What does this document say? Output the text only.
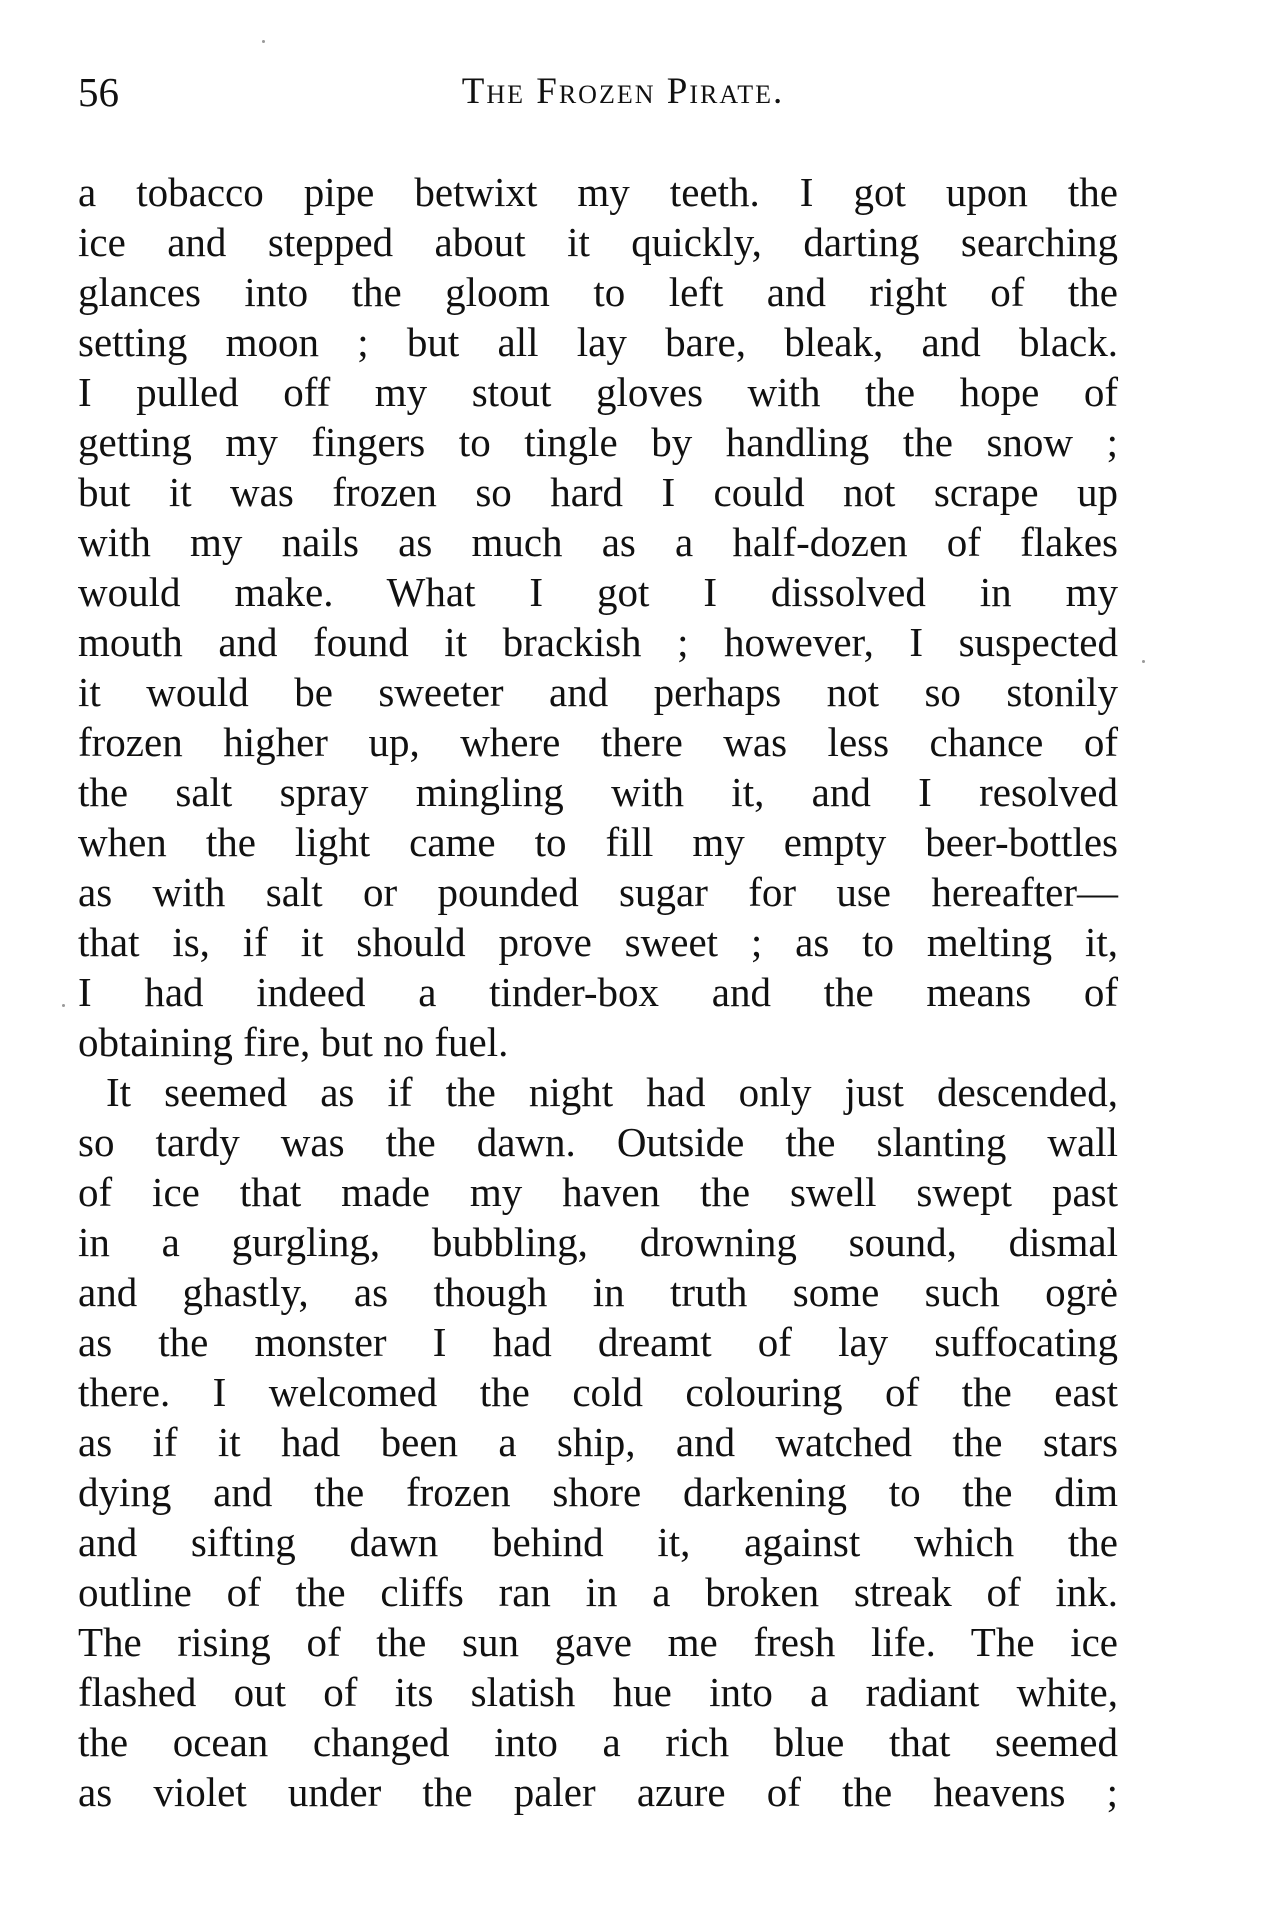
56	The Frozen Pirate.
a tobacco pipe betwixt my teeth. I got upon the
ice and stepped about it quickly, darting searching
glances into the gloom to left and right of the
setting moon ; but all lay bare, bleak, and black.
I pulled off my stout gloves with the hope of
getting my fingers to tingle by handling the snow ;
but it was frozen so hard I could not scrape up
with my nails as much as a half-dozen of flakes
would make. What I got I dissolved in my
mouth and found it brackish ; however, I suspected
it would be sweeter and perhaps not so stonily
frozen higher up, where there was less chance of
the salt spray mingling with it, and I resolved
when the light came to fill my empty beer-bottles
as with salt or pounded sugar for use hereafter—
that is, if it should prove sweet ; as to melting it,
I had indeed a tinder-box and the means of
obtaining fire, but no fuel.
It seemed as if the night had only just descended,
so tardy was the dawn. Outside the slanting wall
of ice that made my haven the swell swept past
in a gurgling, bubbling, drowning sound, dismal
and ghastly, as though in truth some such ogrė
as the monster I had dreamt of lay suffocating
there. I welcomed the cold colouring of the east
as if it had been a ship, and watched the stars
dying and the frozen shore darkening to the dim
and sifting dawn behind it, against which the
outline of the cliffs ran in a broken streak of ink.
The rising of the sun gave me fresh life. The ice
flashed out of its slatish hue into a radiant white,
the ocean changed into a rich blue that seemed
as violet under the paler azure of the heavens ;
